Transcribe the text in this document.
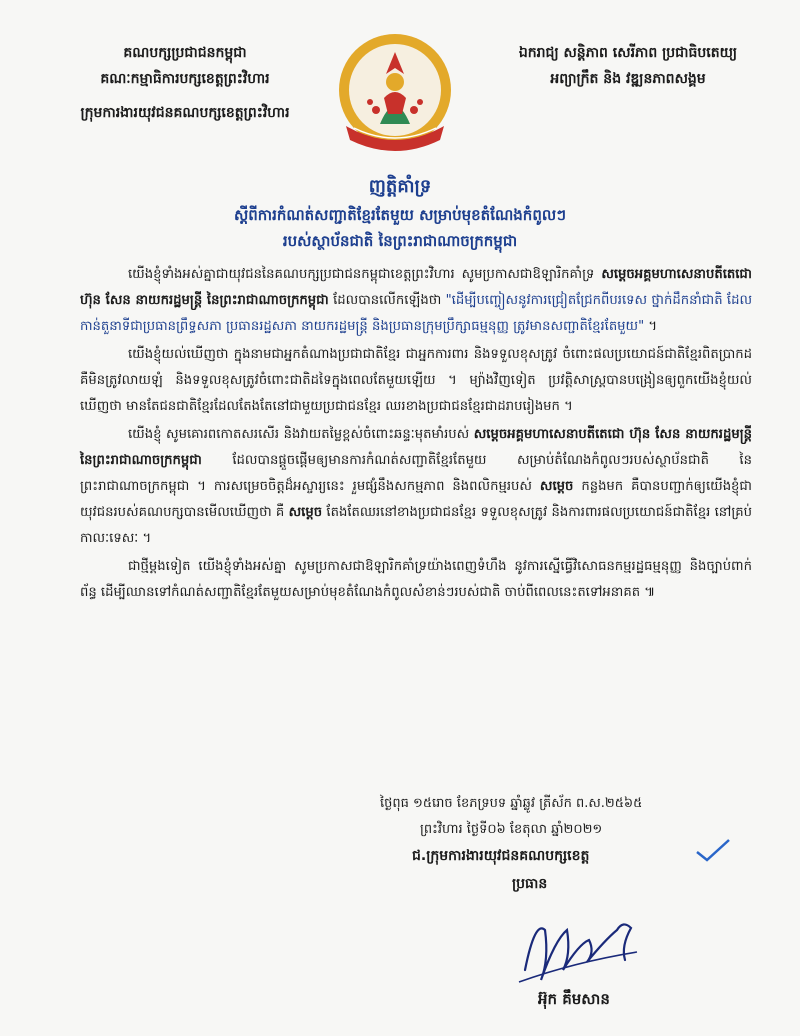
គណបក្សប្រជាជនកម្ពុជា
គណៈកម្មាធិការបក្សខេត្តព្រះវិហារ
ក្រុមការងារយុវជនគណបក្សខេត្តព្រះវិហារ
ឯករាជ្យ សន្តិភាព សេរីភាព ប្រជាធិបតេយ្យ
អព្យាក្រឹត និង វឌ្ឍនភាពសង្គម
ញត្តិគាំទ្រ
ស្តីពីការកំណត់សញ្ជាតិខ្មែរតែមួយ សម្រាប់មុខតំណែងកំពូលៗ
របស់ស្ថាប័នជាតិ នៃព្រះរាជាណាចក្រកម្ពុជា

យើងខ្ញុំទាំងអស់គ្នាជាយុវជននៃគណបក្សប្រជាជនកម្ពុជាខេត្តព្រះវិហារ សូមប្រកាសជាឱឡារិកគាំទ្រ សម្តេចអគ្គមហាសេនាបតីតេជោ ហ៊ុន សែន នាយករដ្ឋមន្ត្រី នៃព្រះរាជាណាចក្រកម្ពុជា ដែលបានលើកឡើងថា "ដើម្បីបញ្ចៀសនូវការជ្រៀតជ្រែកពីបរទេស ថ្នាក់ដឹកនាំជាតិ ដែលកាន់តួនាទីជាប្រធានព្រឹទ្ធសភា ប្រធានរដ្ឋសភា នាយករដ្ឋមន្ត្រី និងប្រធានក្រុមប្រឹក្សាធម្មនុញ្ញ ត្រូវមានសញ្ជាតិខ្មែរតែមួយ" ។

យើងខ្ញុំយល់ឃើញថា ក្នុងនាមជាអ្នកតំណាងប្រជាជាតិខ្មែរ ជាអ្នកការពារ និងទទួលខុសត្រូវ ចំពោះផលប្រយោជន៍ជាតិខ្មែរពិតប្រាកដ គឺមិនត្រូវលាយឡំ និងទទួលខុសត្រូវចំពោះជាតិដទៃក្នុងពេលតែមួយឡើយ ។ ម្យ៉ាងវិញទៀត ប្រវត្តិសាស្ត្របានបង្រៀនឲ្យពួកយើងខ្ញុំយល់ឃើញថា មានតែជនជាតិខ្មែរដែលតែងតែនៅជាមួយប្រជាជនខ្មែរ ឈរខាងប្រជាជនខ្មែរជាដរាបរៀងមក ។

យើងខ្ញុំ សូមគោរពកោតសរសើរ និងវាយតម្លៃខ្ពស់ចំពោះឆន្ទៈមុតមាំរបស់ សម្តេចអគ្គមហាសេនាបតីតេជោ ហ៊ុន សែន នាយករដ្ឋមន្ត្រី នៃព្រះរាជាណាចក្រកម្ពុជា ដែលបានផ្តួចផ្តើមឲ្យមានការកំណត់សញ្ជាតិខ្មែរតែមួយ សម្រាប់តំណែងកំពូលៗរបស់ស្ថាប័នជាតិ នៃព្រះរាជាណាចក្រកម្ពុជា ។ ការសម្រេចចិត្តដ៏អស្ចារ្យនេះ រួមផ្សំនឹងសកម្មភាព និងពលិកម្មរបស់ សម្តេច កន្លងមក គឺបានបញ្ជាក់ឲ្យយើងខ្ញុំជាយុវជនរបស់គណបក្សបានមើលឃើញថា គឺ សម្តេច តែងតែឈរនៅខាងប្រជាជនខ្មែរ ទទួលខុសត្រូវ និងការពារផលប្រយោជន៍ជាតិខ្មែរ នៅគ្រប់កាលៈទេសៈ ។

ជាថ្មីម្តងទៀត យើងខ្ញុំទាំងអស់គ្នា សូមប្រកាសជាឱឡារិកគាំទ្រយ៉ាងពេញទំហឹង នូវការស្នើធ្វើវិសោធនកម្មរដ្ឋធម្មនុញ្ញ និងច្បាប់ពាក់ព័ន្ធ ដើម្បីឈានទៅកំណត់សញ្ជាតិខ្មែរតែមួយសម្រាប់មុខតំណែងកំពូលសំខាន់ៗរបស់ជាតិ ចាប់ពីពេលនេះតទៅអនាគត ៕

ថ្ងៃពុធ ១៥រោច ខែភទ្របទ ឆ្នាំឆ្លូវ ត្រីស័ក ព.ស.២៥៦៥
ព្រះវិហារ ថ្ងៃទី០៦ ខែតុលា ឆ្នាំ២០២១
ជ.ក្រុមការងារយុវជនគណបក្សខេត្ត
ប្រធាន
អ៊ុក គឹមសាន
